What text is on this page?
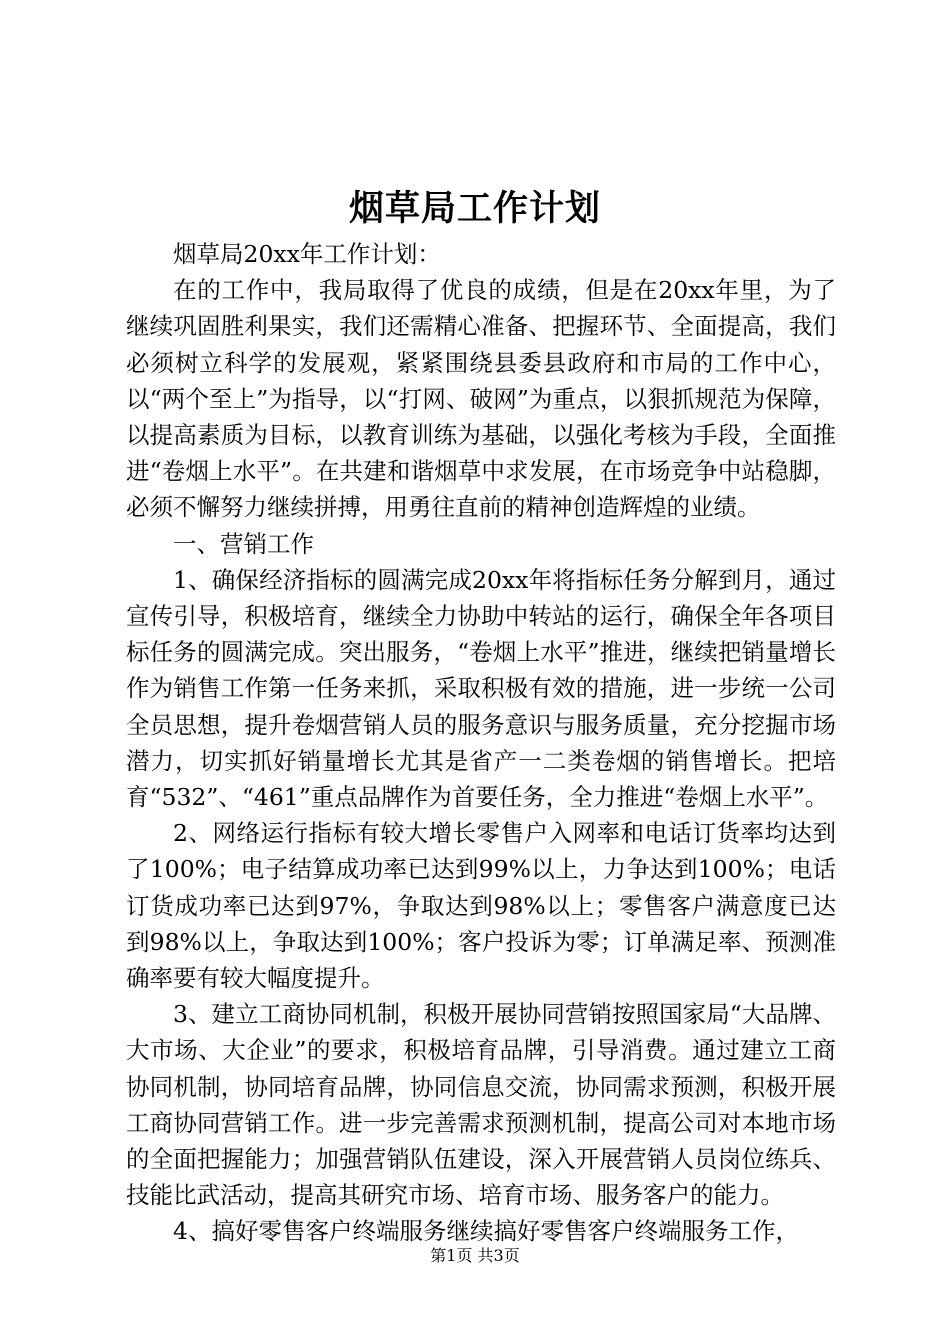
烟草局工作计划

烟草局20xx年工作计划：

在的工作中，我局取得了优良的成绩，但是在20xx年里，为了继续巩固胜利果实，我们还需精心准备、把握环节、全面提高，我们必须树立科学的发展观，紧紧围绕县委县政府和市局的工作中心，以“两个至上”为指导，以“打网、破网”为重点，以狠抓规范为保障，以提高素质为目标，以教育训练为基础，以强化考核为手段，全面推进“卷烟上水平”。在共建和谐烟草中求发展，在市场竞争中站稳脚，必须不懈努力继续拼搏，用勇往直前的精神创造辉煌的业绩。

一、营销工作

1、确保经济指标的圆满完成20xx年将指标任务分解到月，通过宣传引导，积极培育，继续全力协助中转站的运行，确保全年各项目标任务的圆满完成。突出服务，“卷烟上水平”推进，继续把销量增长作为销售工作第一任务来抓，采取积极有效的措施，进一步统一公司全员思想，提升卷烟营销人员的服务意识与服务质量，充分挖掘市场潜力，切实抓好销量增长尤其是省产一二类卷烟的销售增长。把培育“532”、“461”重点品牌作为首要任务，全力推进“卷烟上水平”。

2、网络运行指标有较大增长零售户入网率和电话订货率均达到了100%；电子结算成功率已达到99%以上，力争达到100%；电话订货成功率已达到97%，争取达到98%以上；零售客户满意度已达到98%以上，争取达到100%；客户投诉为零；订单满足率、预测准确率要有较大幅度提升。

3、建立工商协同机制，积极开展协同营销按照国家局“大品牌、大市场、大企业”的要求，积极培育品牌，引导消费。通过建立工商协同机制，协同培育品牌，协同信息交流，协同需求预测，积极开展工商协同营销工作。进一步完善需求预测机制，提高公司对本地市场的全面把握能力；加强营销队伍建设，深入开展营销人员岗位练兵、技能比武活动，提高其研究市场、培育市场、服务客户的能力。

4、搞好零售客户终端服务继续搞好零售客户终端服务工作，

第1页 共3页
